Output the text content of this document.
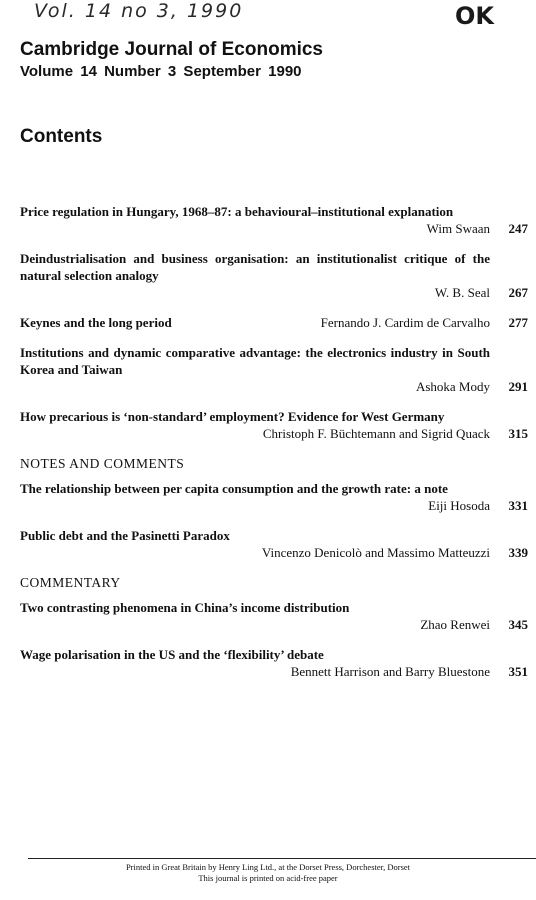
Vol. 14 no 3, 1990	OK
Cambridge Journal of Economics
Volume 14 Number 3 September 1990
Contents
Price regulation in Hungary, 1968–87: a behavioural–institutional explanation
Wim Swaan	247
Deindustrialisation and business organisation: an institutionalist critique of the natural selection analogy
W. B. Seal	267
Keynes and the long period	Fernando J. Cardim de Carvalho	277
Institutions and dynamic comparative advantage: the electronics industry in South Korea and Taiwan
Ashoka Mody	291
How precarious is ‘non-standard’ employment? Evidence for West Germany
Christoph F. Büchtemann and Sigrid Quack	315
NOTES AND COMMENTS
The relationship between per capita consumption and the growth rate: a note
Eiji Hosoda	331
Public debt and the Pasinetti Paradox
Vincenzo Denicolò and Massimo Matteuzzi	339
COMMENTARY
Two contrasting phenomena in China’s income distribution
Zhao Renwei	345
Wage polarisation in the US and the ‘flexibility’ debate
Bennett Harrison and Barry Bluestone	351
Printed in Great Britain by Henry Ling Ltd., at the Dorset Press, Dorchester, Dorset
This journal is printed on acid-free paper
